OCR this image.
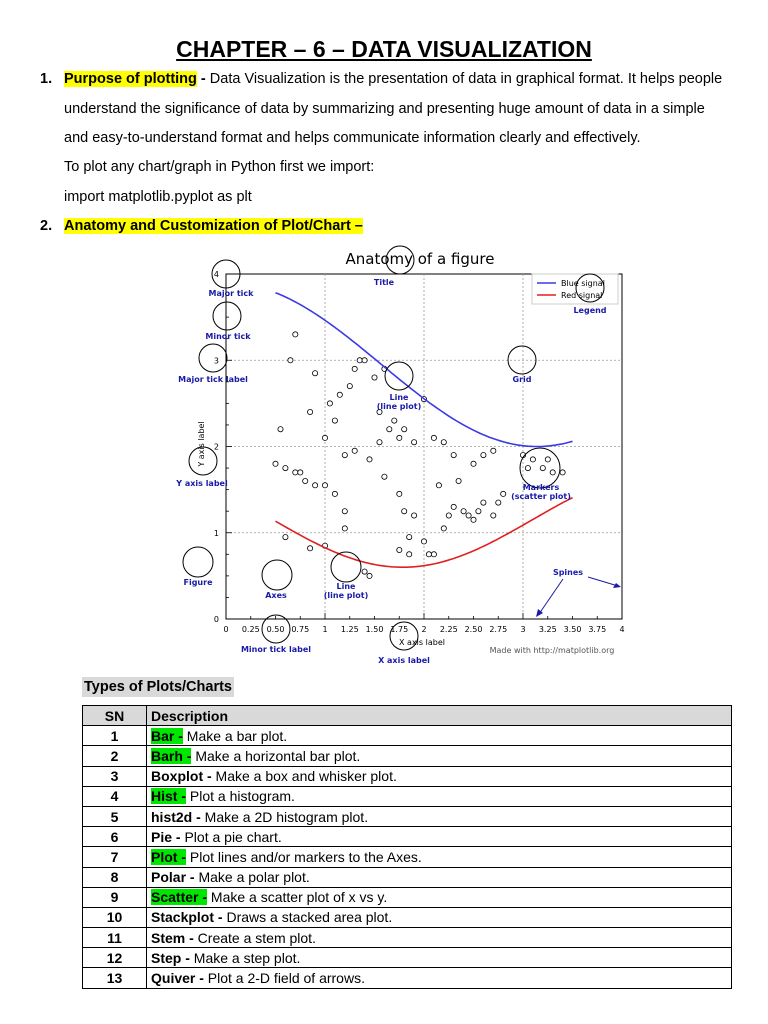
CHAPTER – 6 – DATA VISUALIZATION
1. Purpose of plotting - Data Visualization is the presentation of data in graphical format. It helps people
understand the significance of data by summarizing and presenting huge amount of data in a simple
and easy-to-understand format and helps communicate information clearly and effectively.
To plot any chart/graph in Python first we import:
import matplotlib.pyplot as plt
2. Anatomy and Customization of Plot/Chart –
Anatomy of a figure
Blue signal
Red signal
0 0.25 0.50 0.75 1 1.25 1.50 1.75 2 2.25 2.50 2.75 3 3.25 3.50 3.75 4
0
1
2
3
4
X axis label
Y axis label
Made with http://matplotlib.org
Major tick
Minor tick
Major tick label
Y axis label
Figure
Axes
Title
Legend
Grid
Line
(line plot)
Line
(line plot)
Markers
(scatter plot)
Spines
Minor tick label
X axis label
Types of Plots/Charts
SN	Description
1	Bar - Make a bar plot.
2	Barh - Make a horizontal bar plot.
3	Boxplot - Make a box and whisker plot.
4	Hist - Plot a histogram.
5	hist2d - Make a 2D histogram plot.
6	Pie - Plot a pie chart.
7	Plot - Plot lines and/or markers to the Axes.
8	Polar - Make a polar plot.
9	Scatter - Make a scatter plot of x vs y.
10	Stackplot - Draws a stacked area plot.
11	Stem - Create a stem plot.
12	Step - Make a step plot.
13	Quiver - Plot a 2-D field of arrows.
